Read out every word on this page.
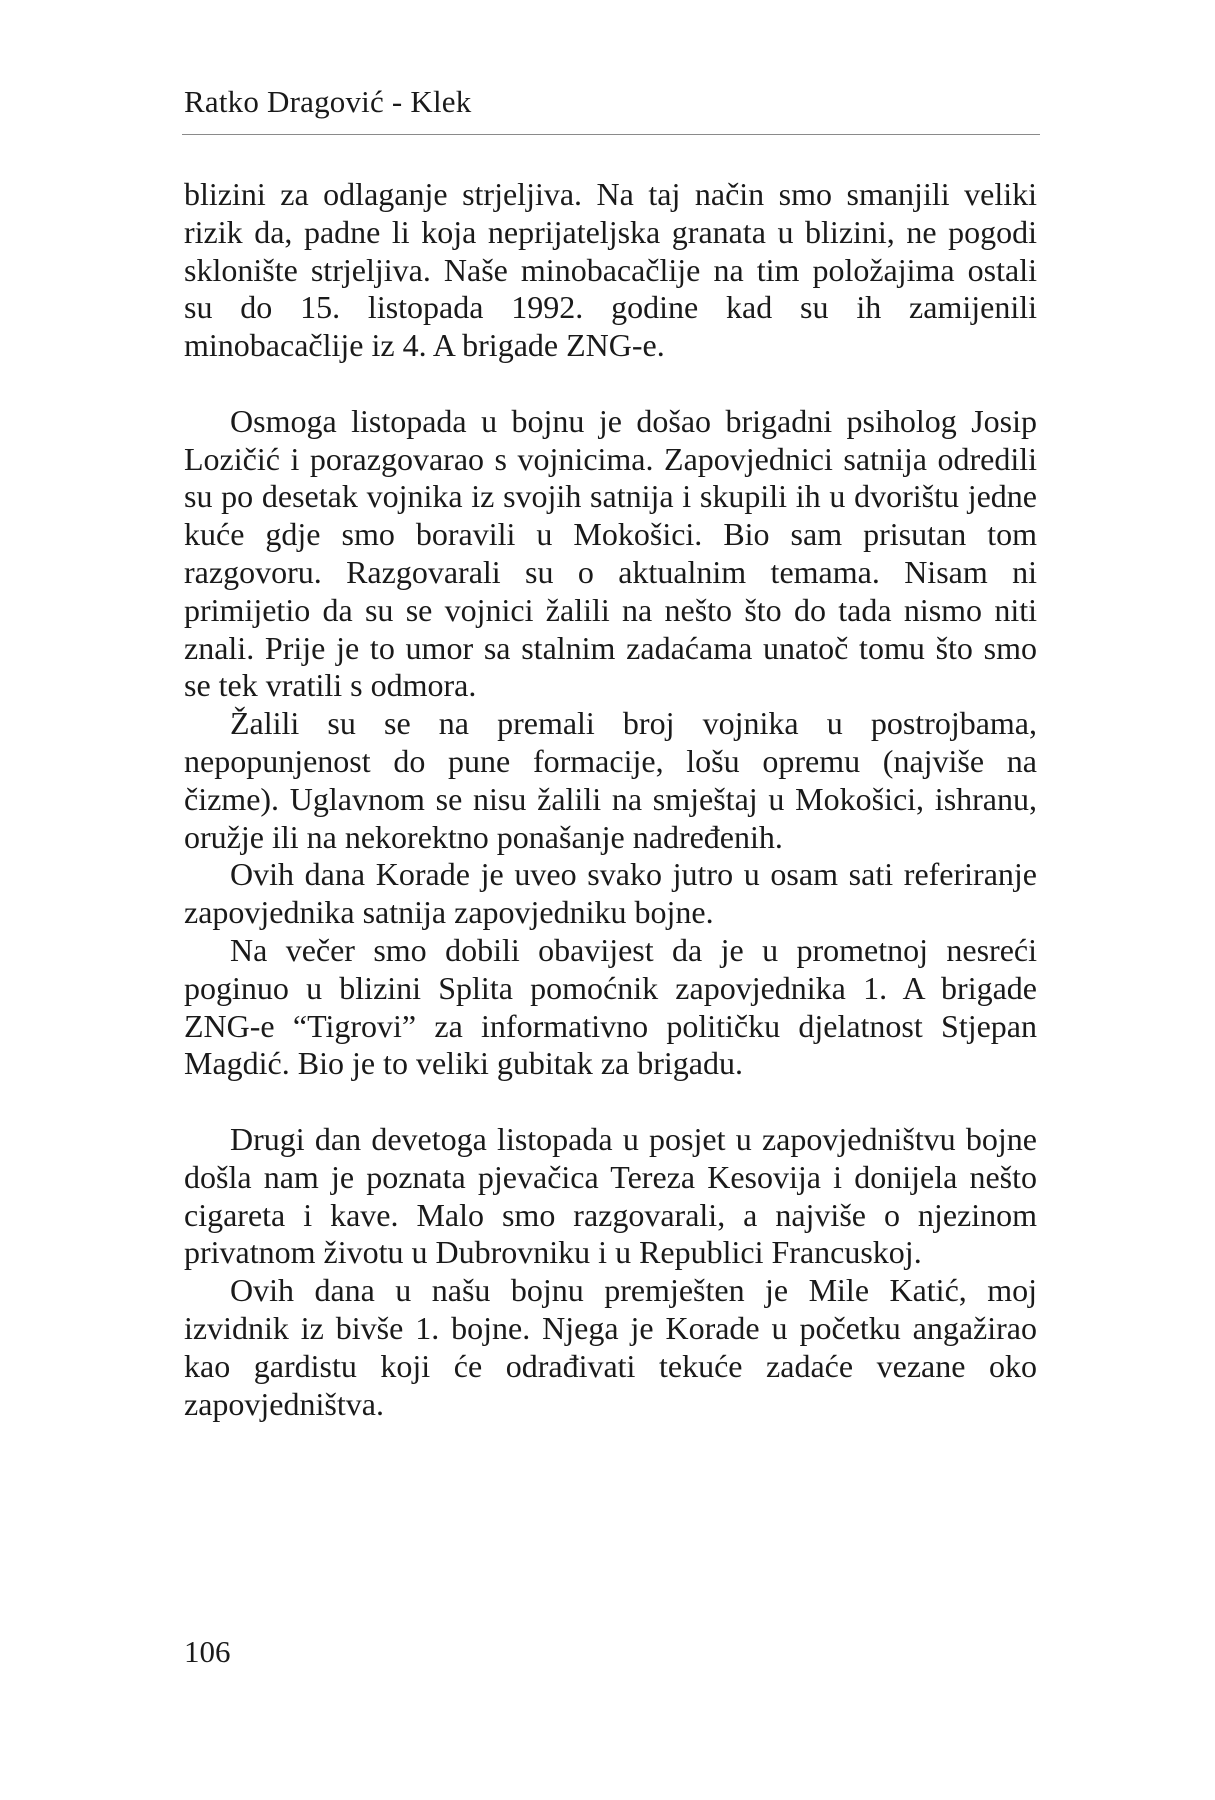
Ratko Dragović - Klek

blizini za odlaganje strjeljiva. Na taj način smo smanjili veliki rizik da, padne li koja neprijateljska granata u blizini, ne pogodi sklonište strjeljiva. Naše minobacačlije na tim položajima ostali su do 15. listopada 1992. godine kad su ih zamijenili minobacačlije iz 4. A brigade ZNG-e.

Osmoga listopada u bojnu je došao brigadni psiholog Josip Lozičić i porazgovarao s vojnicima. Zapovjednici satnija odredili su po desetak vojnika iz svojih satnija i skupili ih u dvorištu jedne kuće gdje smo boravili u Mokošici. Bio sam prisutan tom razgovoru. Razgovarali su o aktualnim temama. Nisam ni primijetio da su se vojnici žalili na nešto što do tada nismo niti znali. Prije je to umor sa stalnim zadaćama unatoč tomu što smo se tek vratili s odmora.

Žalili su se na premali broj vojnika u postrojbama, nepopunjenost do pune formacije, lošu opremu (najviše na čizme). Uglavnom se nisu žalili na smještaj u Mokošici, ishranu, oružje ili na nekorektno ponašanje nadređenih.

Ovih dana Korade je uveo svako jutro u osam sati referiranje zapovjednika satnija zapovjedniku bojne.

Na večer smo dobili obavijest da je u prometnoj nesreći poginuo u blizini Splita pomoćnik zapovjednika 1. A brigade ZNG-e “Tigrovi” za informativno političku djelatnost Stjepan Magdić. Bio je to veliki gubitak za brigadu.

Drugi dan devetoga listopada u posjet u zapovjedništvu bojne došla nam je poznata pjevačica Tereza Kesovija i donijela nešto cigareta i kave. Malo smo razgovarali, a najviše o njezinom privatnom životu u Dubrovniku i u Republici Francuskoj.

Ovih dana u našu bojnu premješten je Mile Katić, moj izvidnik iz bivše 1. bojne. Njega je Korade u početku angažirao kao gardistu koji će odrađivati tekuće zadaće vezane oko zapovjedništva.

106
